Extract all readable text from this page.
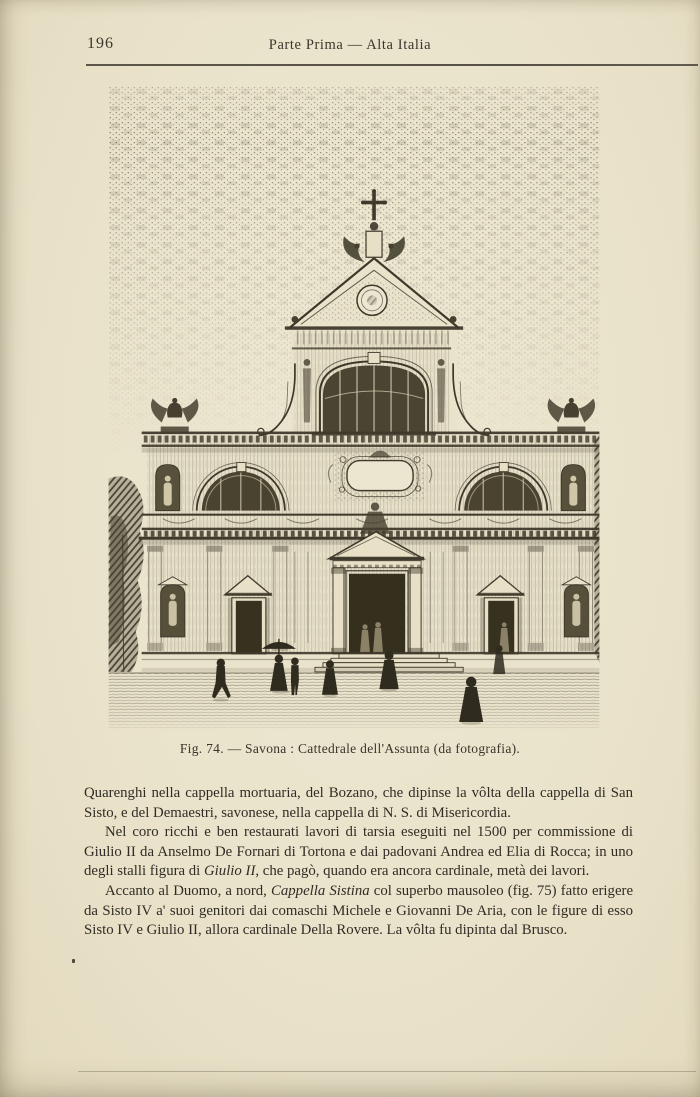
196	Parte Prima — Alta Italia
Fig. 74. — Savona : Cattedrale dell'Assunta (da fotografia).

Quarenghi nella cappella mortuaria, del Bozano, che dipinse la vôlta della cappella di San Sisto, e del Demaestri, savonese, nella cappella di N. S. di Misericordia.

Nel coro ricchi e ben restaurati lavori di tarsia eseguiti nel 1500 per commissione di Giulio II da Anselmo De Fornari di Tortona e dai padovani Andrea ed Elia di Rocca; in uno degli stalli figura di Giulio II, che pagò, quando era ancora cardinale, metà dei lavori.

Accanto al Duomo, a nord, Cappella Sistina col superbo mausoleo (fig. 75) fatto erigere da Sisto IV a' suoi genitori dai comaschi Michele e Giovanni De Aria, con le figure di esso Sisto IV e Giulio II, allora cardinale Della Rovere. La vôlta fu dipinta dal Brusco.
